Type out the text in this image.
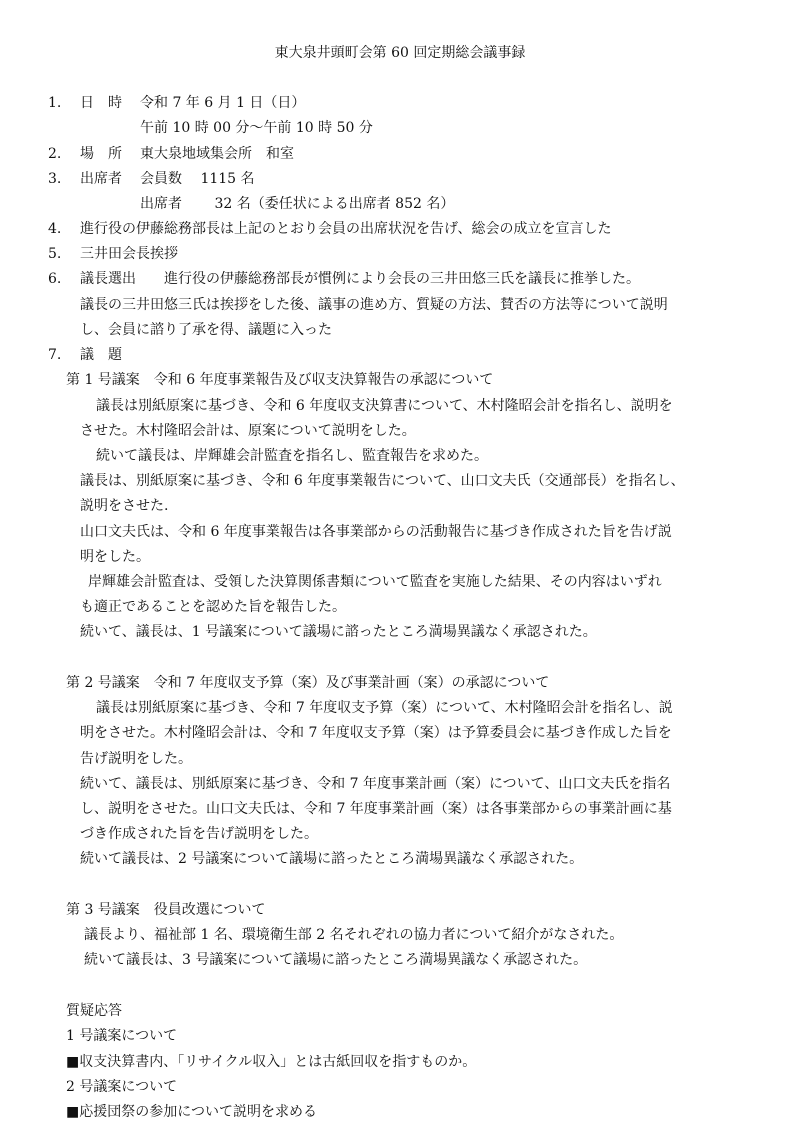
東大泉井頭町会第 60 回定期総会議事録
1. 日　時 令和 7 年 6 月 1 日（日）
午前 10 時 00 分〜午前 10 時 50 分
2. 場　所 東大泉地域集会所　和室
3. 出席者 会員数　 1115 名
出席者　　 32 名（委任状による出席者 852 名）
4. 進行役の伊藤総務部長は上記のとおり会員の出席状況を告げ、総会の成立を宣言した
5. 三井田会長挨拶
6. 議長選出　　進行役の伊藤総務部長が慣例により会長の三井田悠三氏を議長に推挙した。
議長の三井田悠三氏は挨拶をした後、議事の進め方、質疑の方法、賛否の方法等について説明
し、会員に諮り了承を得、議題に入った
7. 議　題
第 1 号議案　令和 6 年度事業報告及び収支決算報告の承認について
議長は別紙原案に基づき、令和 6 年度収支決算書について、木村隆昭会計を指名し、説明を
させた。木村隆昭会計は、原案について説明をした。
続いて議長は、岸輝雄会計監査を指名し、監査報告を求めた。
議長は、別紙原案に基づき、令和 6 年度事業報告について、山口文夫氏（交通部長）を指名し、
説明をさせた.
山口文夫氏は、令和 6 年度事業報告は各事業部からの活動報告に基づき作成された旨を告げ説
明をした。
岸輝雄会計監査は、受領した決算関係書類について監査を実施した結果、その内容はいずれ
も適正であることを認めた旨を報告した。
続いて、議長は、1 号議案について議場に諮ったところ満場異議なく承認された。
第 2 号議案　令和 7 年度収支予算（案）及び事業計画（案）の承認について
議長は別紙原案に基づき、令和 7 年度収支予算（案）について、木村隆昭会計を指名し、説
明をさせた。木村隆昭会計は、令和 7 年度収支予算（案）は予算委員会に基づき作成した旨を
告げ説明をした。
続いて、議長は、別紙原案に基づき、令和 7 年度事業計画（案）について、山口文夫氏を指名
し、説明をさせた。山口文夫氏は、令和 7 年度事業計画（案）は各事業部からの事業計画に基
づき作成された旨を告げ説明をした。
続いて議長は、2 号議案について議場に諮ったところ満場異議なく承認された。
第 3 号議案　役員改選について
議長より、福祉部 1 名、環境衛生部 2 名それぞれの協力者について紹介がなされた。
続いて議長は、3 号議案について議場に諮ったところ満場異議なく承認された。
質疑応答
1 号議案について
■収支決算書内、「リサイクル収入」とは古紙回収を指すものか。
2 号議案について
■応援団祭の参加について説明を求める
